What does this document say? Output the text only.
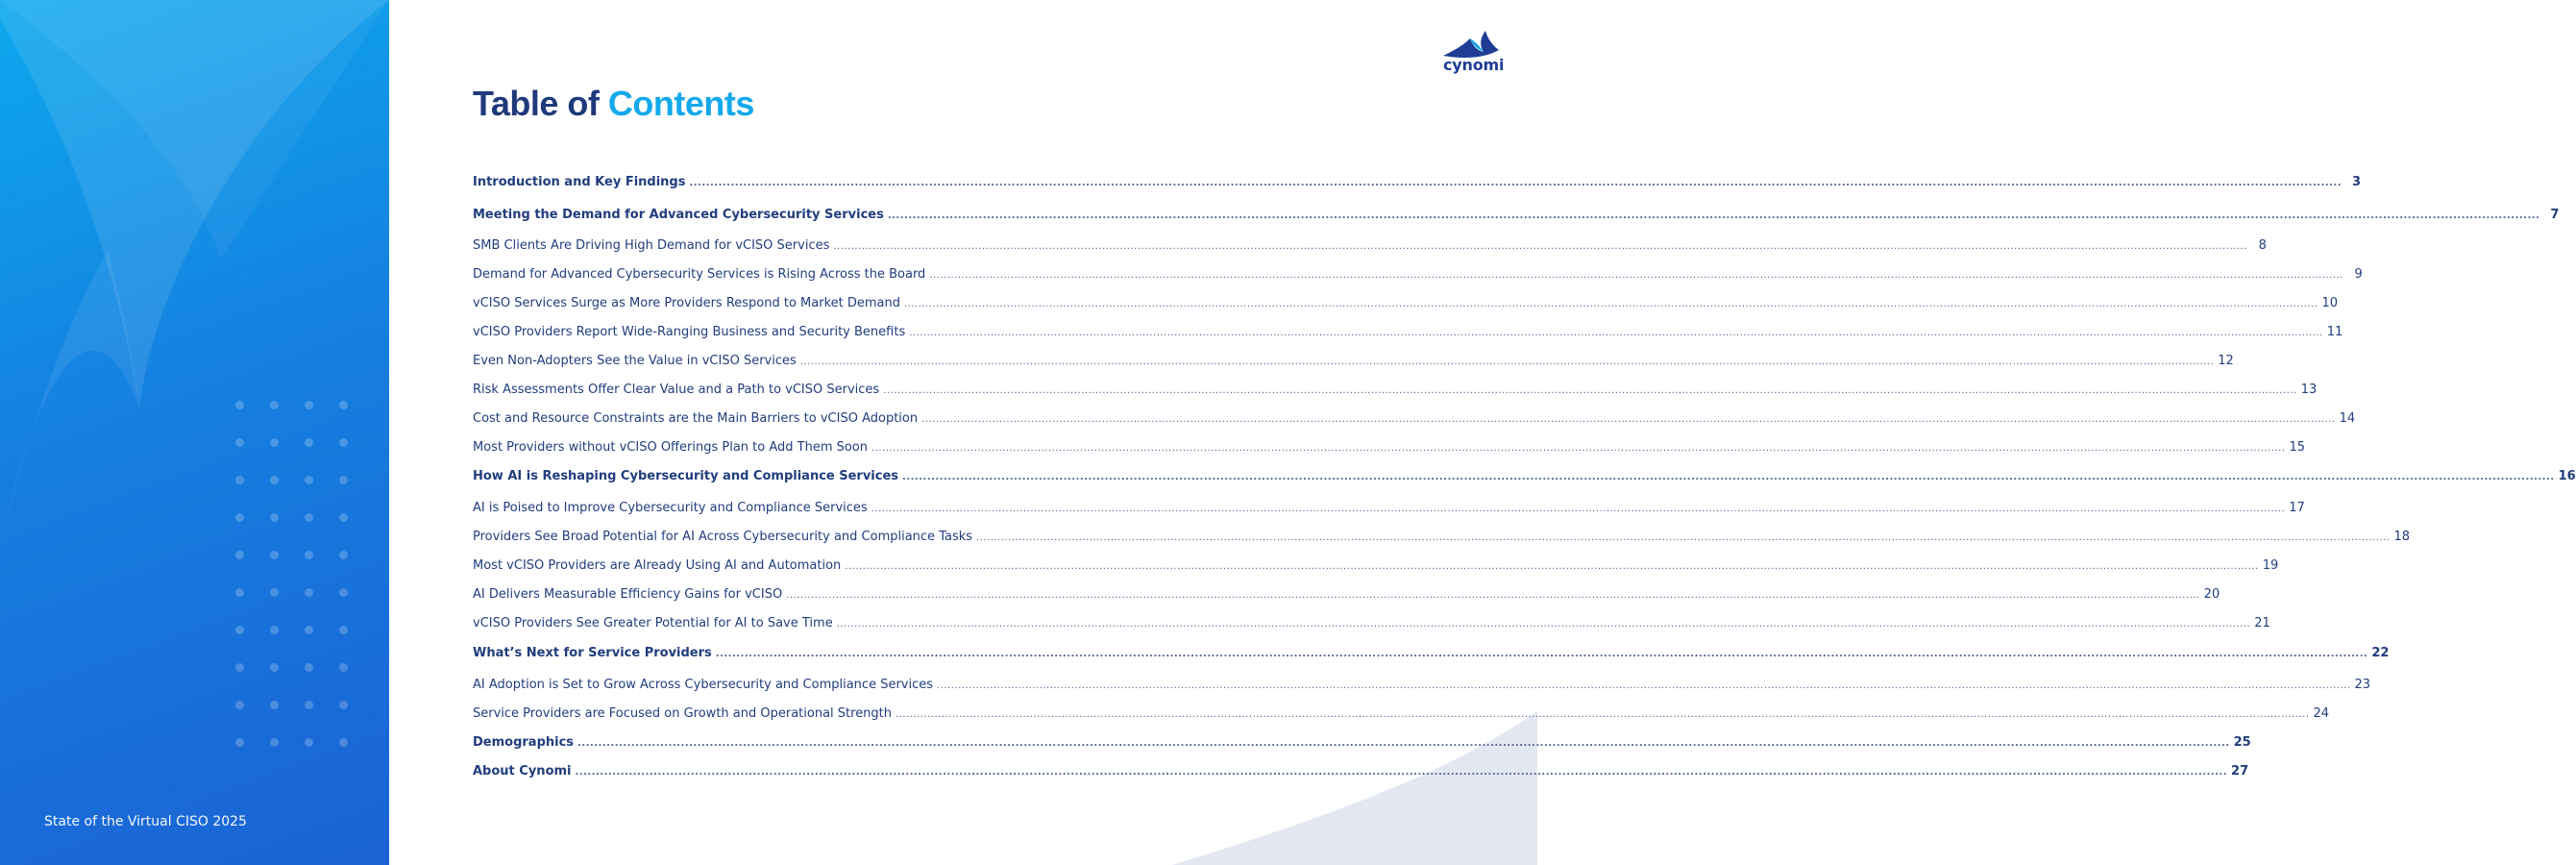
State of the Virtual CISO 2025
cynomi
Table of Contents
Introduction and Key Findings ................................................................................................................................................................................................................................................................................................................................................................................................................ 3
Meeting the Demand for Advanced Cybersecurity Services ................................................................................................................................................................................................................................................................................................................................................................................................................ 7
SMB Clients Are Driving High Demand for vCISO Services ................................................................................................................................................................................................................................................................................................................................................................................................................ 8
Demand for Advanced Cybersecurity Services is Rising Across the Board ................................................................................................................................................................................................................................................................................................................................................................................................................ 9
vCISO Services Surge as More Providers Respond to Market Demand ................................................................................................................................................................................................................................................................................................................................................................................................................ 10
vCISO Providers Report Wide-Ranging Business and Security Benefits ................................................................................................................................................................................................................................................................................................................................................................................................................ 11
Even Non-Adopters See the Value in vCISO Services ................................................................................................................................................................................................................................................................................................................................................................................................................ 12
Risk Assessments Offer Clear Value and a Path to vCISO Services ................................................................................................................................................................................................................................................................................................................................................................................................................ 13
Cost and Resource Constraints are the Main Barriers to vCISO Adoption ................................................................................................................................................................................................................................................................................................................................................................................................................ 14
Most Providers without vCISO Offerings Plan to Add Them Soon ................................................................................................................................................................................................................................................................................................................................................................................................................ 15
How AI is Reshaping Cybersecurity and Compliance Services ................................................................................................................................................................................................................................................................................................................................................................................................................ 16
AI is Poised to Improve Cybersecurity and Compliance Services ................................................................................................................................................................................................................................................................................................................................................................................................................ 17
Providers See Broad Potential for AI Across Cybersecurity and Compliance Tasks ................................................................................................................................................................................................................................................................................................................................................................................................................ 18
Most vCISO Providers are Already Using AI and Automation ................................................................................................................................................................................................................................................................................................................................................................................................................ 19
AI Delivers Measurable Efficiency Gains for vCISO ................................................................................................................................................................................................................................................................................................................................................................................................................ 20
vCISO Providers See Greater Potential for AI to Save Time ................................................................................................................................................................................................................................................................................................................................................................................................................ 21
What’s Next for Service Providers ................................................................................................................................................................................................................................................................................................................................................................................................................ 22
AI Adoption is Set to Grow Across Cybersecurity and Compliance Services ................................................................................................................................................................................................................................................................................................................................................................................................................ 23
Service Providers are Focused on Growth and Operational Strength ................................................................................................................................................................................................................................................................................................................................................................................................................ 24
Demographics ................................................................................................................................................................................................................................................................................................................................................................................................................ 25
About Cynomi ................................................................................................................................................................................................................................................................................................................................................................................................................ 27
